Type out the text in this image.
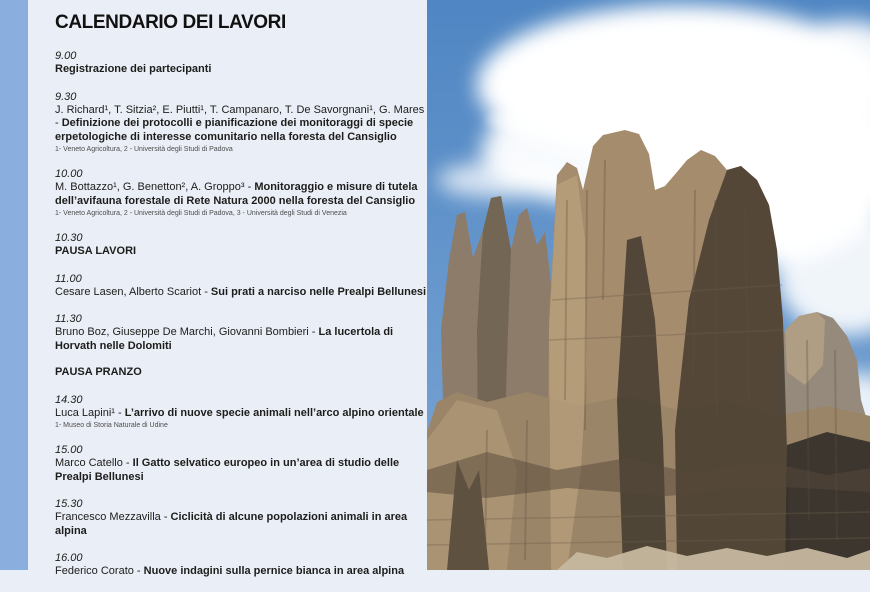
CALENDARIO DEI LAVORI
9.00
Registrazione dei partecipanti
9.30
J. Richard¹, T. Sitzia², E. Piutti¹, T. Campanaro, T. De Savorgnani¹, G. Mares - Definizione dei protocolli e pianificazione dei monitoraggi di specie erpetologiche di interesse comunitario nella foresta del Cansiglio
1- Veneto Agricoltura, 2 - Università degli Studi di Padova
10.00
M. Bottazzo¹, G. Benetton², A. Groppo³ - Monitoraggio e misure di tutela dell’avifauna forestale di Rete Natura 2000 nella foresta del Cansiglio
1- Veneto Agricoltura, 2 - Università degli Studi di Padova, 3 - Università degli Studi di Venezia
10.30
PAUSA LAVORI
11.00
Cesare Lasen, Alberto Scariot - Sui prati a narciso nelle Prealpi Bellunesi
11.30
Bruno Boz, Giuseppe De Marchi, Giovanni Bombieri - La lucertola di Horvath nelle Dolomiti
PAUSA PRANZO
14.30
Luca Lapini¹ - L’arrivo di nuove specie animali nell’arco alpino orientale
1- Museo di Storia Naturale di Udine
15.00
Marco Catello - Il Gatto selvatico europeo in un’area di studio delle Prealpi Bellunesi
15.30
Francesco Mezzavilla - Ciclicità di alcune popolazioni animali in area alpina
16.00
Federico Corato - Nuove indagini sulla pernice bianca in area alpina
